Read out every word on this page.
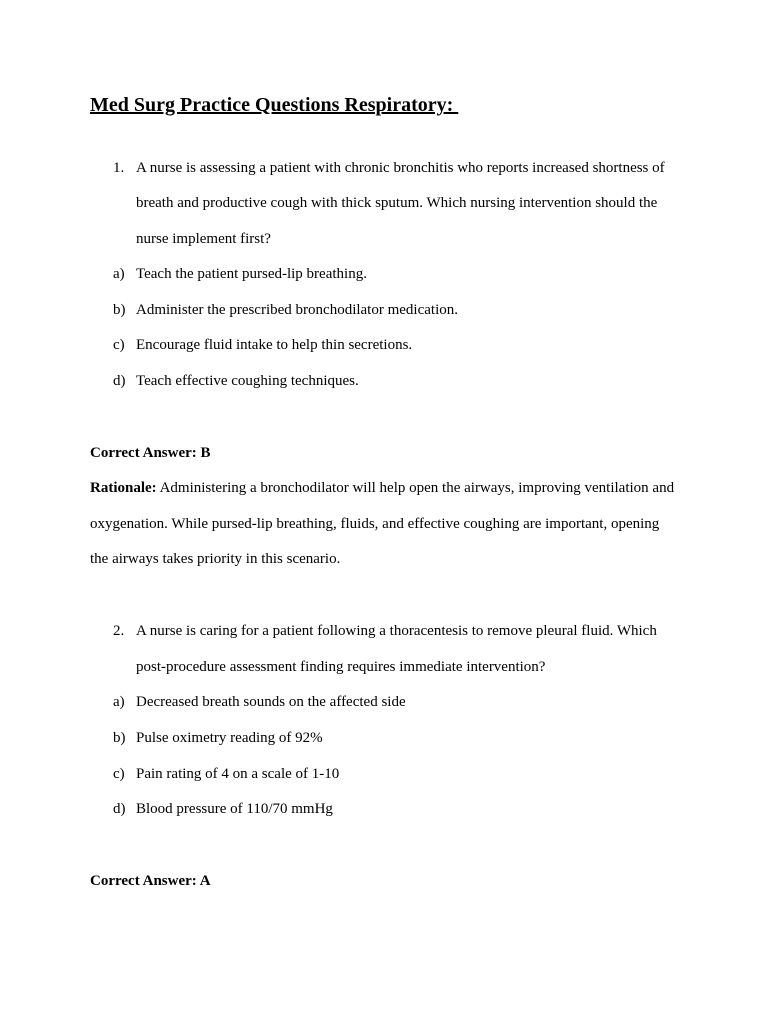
Med Surg Practice Questions Respiratory:
1. A nurse is assessing a patient with chronic bronchitis who reports increased shortness of
breath and productive cough with thick sputum. Which nursing intervention should the
nurse implement first?
a) Teach the patient pursed-lip breathing.
b) Administer the prescribed bronchodilator medication.
c) Encourage fluid intake to help thin secretions.
d) Teach effective coughing techniques.
Correct Answer: B
Rationale: Administering a bronchodilator will help open the airways, improving ventilation and
oxygenation. While pursed-lip breathing, fluids, and effective coughing are important, opening
the airways takes priority in this scenario.
2. A nurse is caring for a patient following a thoracentesis to remove pleural fluid. Which
post-procedure assessment finding requires immediate intervention?
a) Decreased breath sounds on the affected side
b) Pulse oximetry reading of 92%
c) Pain rating of 4 on a scale of 1-10
d) Blood pressure of 110/70 mmHg
Correct Answer: A
